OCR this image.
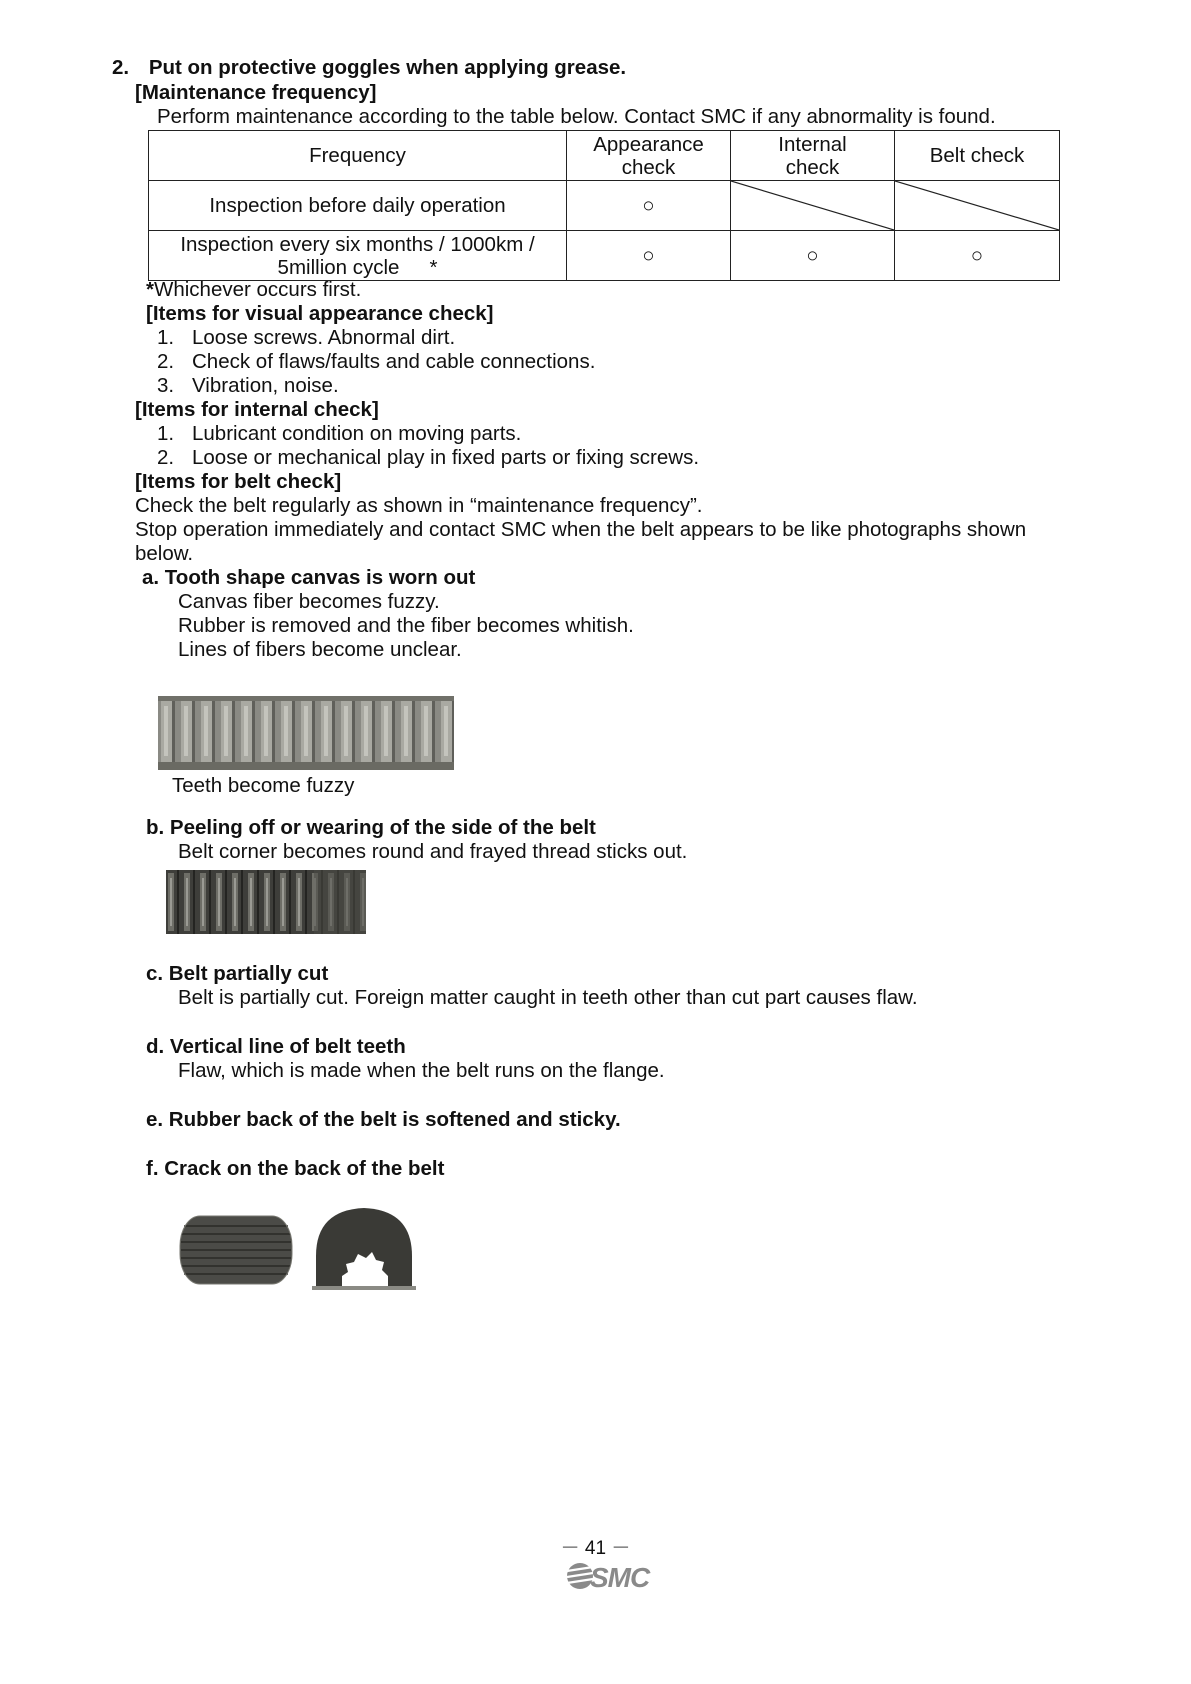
2. Put on protective goggles when applying grease.
[Maintenance frequency]
Perform maintenance according to the table below. Contact SMC if any abnormality is found.
Frequency	Appearance check	Internal check	Belt check
Inspection before daily operation	○	

Inspection every six months / 1000km / 5million cycle *	○	○	○
*Whichever occurs first.
[Items for visual appearance check]
1. Loose screws. Abnormal dirt.
2. Check of flaws/faults and cable connections.
3. Vibration, noise.
[Items for internal check]
1. Lubricant condition on moving parts.
2. Loose or mechanical play in fixed parts or fixing screws.
[Items for belt check]
Check the belt regularly as shown in “maintenance frequency”.
Stop operation immediately and contact SMC when the belt appears to be like photographs shown
below.
a. Tooth shape canvas is worn out
Canvas fiber becomes fuzzy.
Rubber is removed and the fiber becomes whitish.
Lines of fibers become unclear.
Teeth become fuzzy
b. Peeling off or wearing of the side of the belt
Belt corner becomes round and frayed thread sticks out.
c. Belt partially cut
Belt is partially cut. Foreign matter caught in teeth other than cut part causes flaw.
d. Vertical line of belt teeth
Flaw, which is made when the belt runs on the flange.
e. Rubber back of the belt is softened and sticky.
f. Crack on the back of the belt
－ 41 －
SMC
